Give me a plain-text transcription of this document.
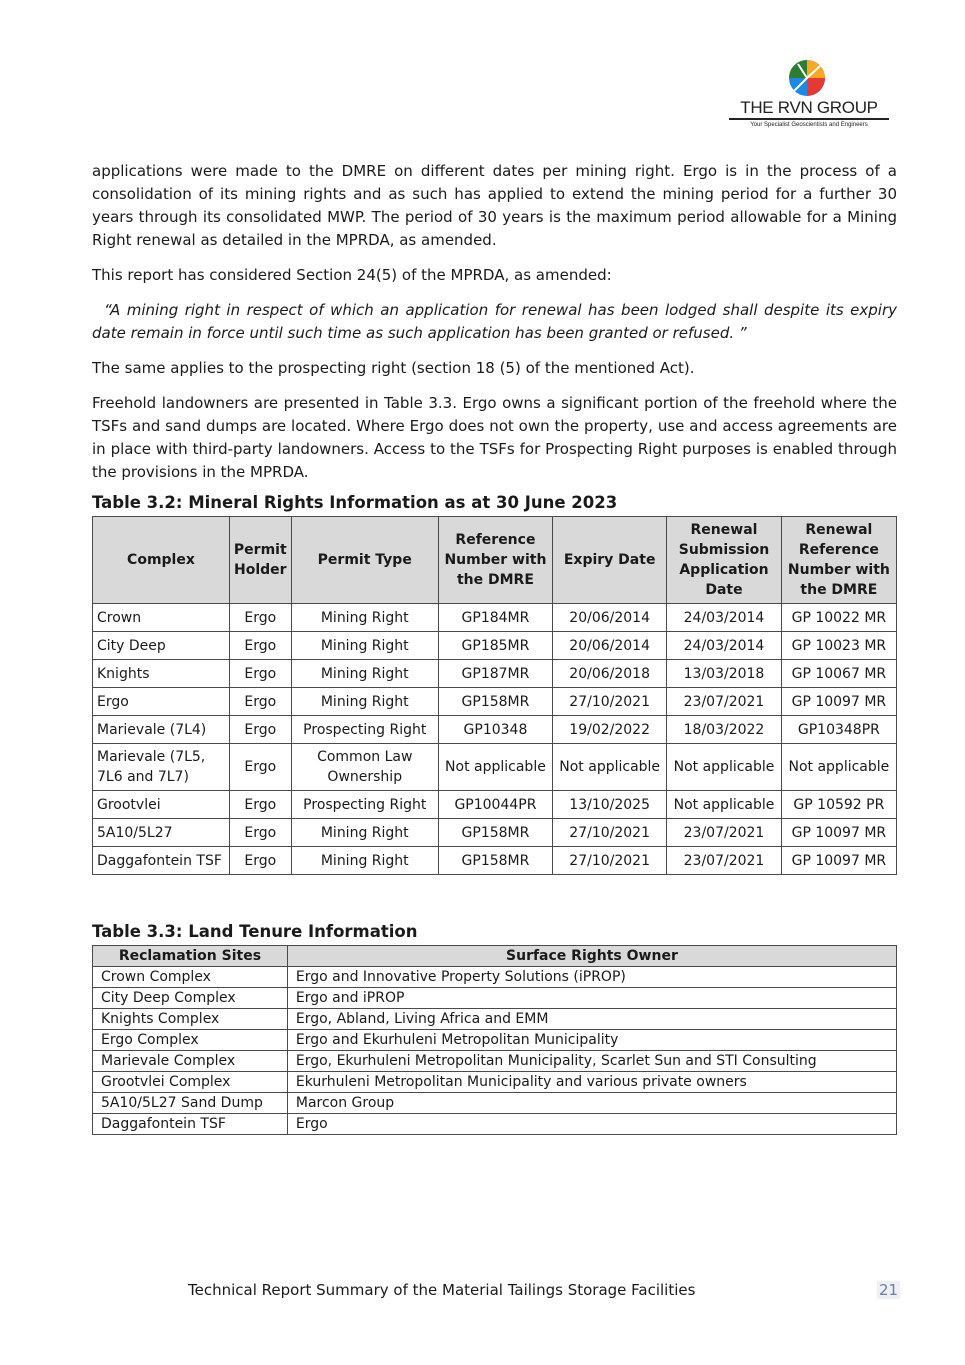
THE RVN GROUP
Your Specialist Geoscientists and Engineers

applications were made to the DMRE on different dates per mining right. Ergo is in the process of a consolidation of its mining rights and as such has applied to extend the mining period for a further 30 years through its consolidated MWP. The period of 30 years is the maximum period allowable for a Mining Right renewal as detailed in the MPRDA, as amended.

This report has considered Section 24(5) of the MPRDA, as amended:

“A mining right in respect of which an application for renewal has been lodged shall despite its expiry date remain in force until such time as such application has been granted or refused. ”

The same applies to the prospecting right (section 18 (5) of the mentioned Act).

Freehold landowners are presented in Table 3.3. Ergo owns a significant portion of the freehold where the TSFs and sand dumps are located. Where Ergo does not own the property, use and access agreements are in place with third-party landowners. Access to the TSFs for Prospecting Right purposes is enabled through the provisions in the MPRDA.

Table 3.2: Mineral Rights Information as at 30 June 2023
Complex	Permit Holder	Permit Type	Reference Number with the DMRE	Expiry Date	Renewal Submission Application Date	Renewal Reference Number with the DMRE
Crown	Ergo	Mining Right	GP184MR	20/06/2014	24/03/2014	GP 10022 MR
City Deep	Ergo	Mining Right	GP185MR	20/06/2014	24/03/2014	GP 10023 MR
Knights	Ergo	Mining Right	GP187MR	20/06/2018	13/03/2018	GP 10067 MR
Ergo	Ergo	Mining Right	GP158MR	27/10/2021	23/07/2021	GP 10097 MR
Marievale (7L4)	Ergo	Prospecting Right	GP10348	19/02/2022	18/03/2022	GP10348PR
Marievale (7L5, 7L6 and 7L7)	Ergo	Common Law Ownership	Not applicable	Not applicable	Not applicable	Not applicable
Grootvlei	Ergo	Prospecting Right	GP10044PR	13/10/2025	Not applicable	GP 10592 PR
5A10/5L27	Ergo	Mining Right	GP158MR	27/10/2021	23/07/2021	GP 10097 MR
Daggafontein TSF	Ergo	Mining Right	GP158MR	27/10/2021	23/07/2021	GP 10097 MR
Table 3.3: Land Tenure Information
Reclamation Sites	Surface Rights Owner
Crown Complex	Ergo and Innovative Property Solutions (iPROP)
City Deep Complex	Ergo and iPROP
Knights Complex	Ergo, Abland, Living Africa and EMM
Ergo Complex	Ergo and Ekurhuleni Metropolitan Municipality
Marievale Complex	Ergo, Ekurhuleni Metropolitan Municipality, Scarlet Sun and STI Consulting
Grootvlei Complex	Ekurhuleni Metropolitan Municipality and various private owners
5A10/5L27 Sand Dump	Marcon Group
Daggafontein TSF	Ergo
Technical Report Summary of the Material Tailings Storage Facilities	21
